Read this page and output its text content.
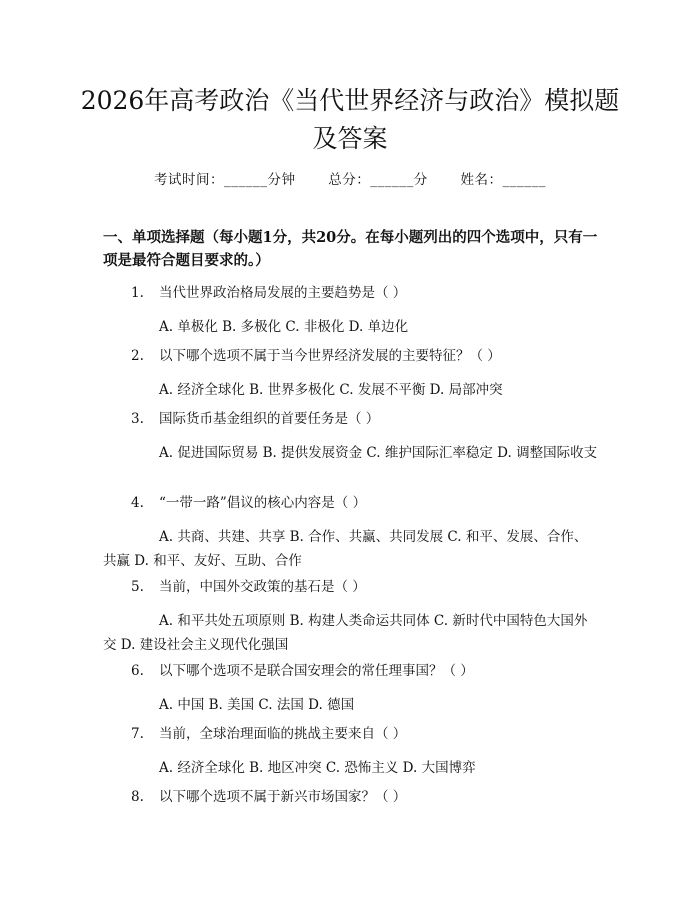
2026年高考政治《当代世界经济与政治》模拟题及答案
考试时间：______分钟 总分：______分 姓名：______

一、单项选择题（每小题1分，共20分。在每小题列出的四个选项中，只有一项是最符合题目要求的。）

1. 当代世界政治格局发展的主要趋势是（ ）
A. 单极化 B. 多极化 C. 非极化 D. 单边化
2. 以下哪个选项不属于当今世界经济发展的主要特征？（ ）
A. 经济全球化 B. 世界多极化 C. 发展不平衡 D. 局部冲突
3. 国际货币基金组织的首要任务是（ ）
A. 促进国际贸易 B. 提供发展资金 C. 维护国际汇率稳定 D. 调整国际收支
4. “一带一路”倡议的核心内容是（ ）
A. 共商、共建、共享 B. 合作、共赢、共同发展 C. 和平、发展、合作、共赢 D. 和平、友好、互助、合作
5. 当前，中国外交政策的基石是（ ）
A. 和平共处五项原则 B. 构建人类命运共同体 C. 新时代中国特色大国外交 D. 建设社会主义现代化强国
6. 以下哪个选项不是联合国安理会的常任理事国？（ ）
A. 中国 B. 美国 C. 法国 D. 德国
7. 当前，全球治理面临的挑战主要来自（ ）
A. 经济全球化 B. 地区冲突 C. 恐怖主义 D. 大国博弈
8. 以下哪个选项不属于新兴市场国家？（ ）
